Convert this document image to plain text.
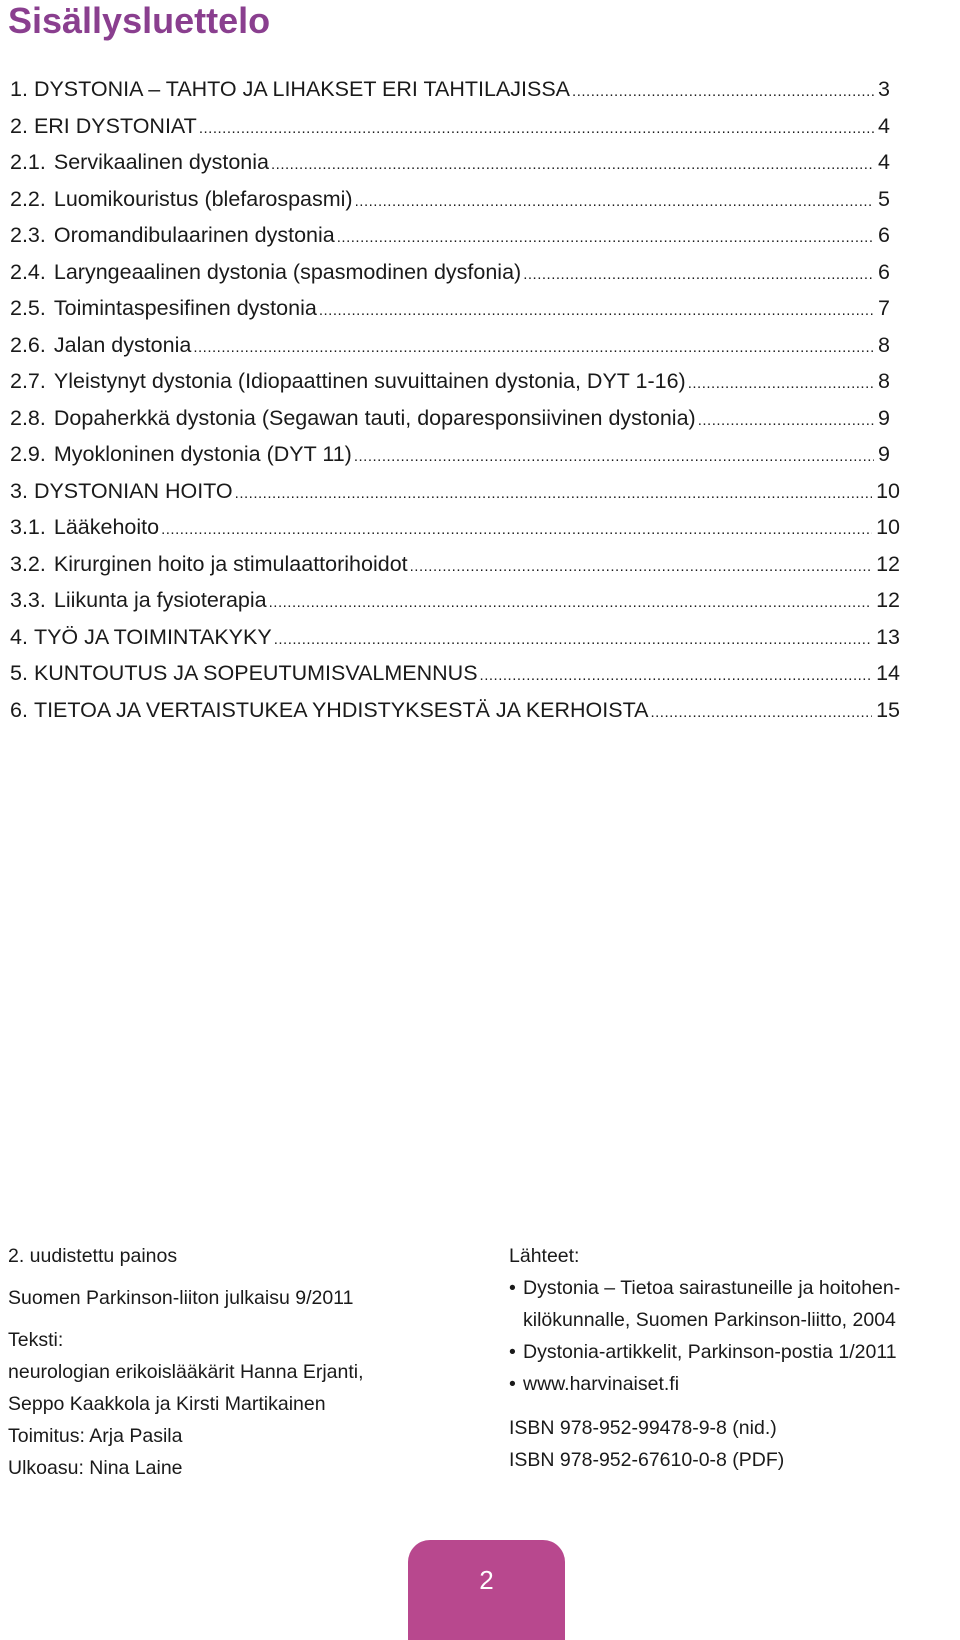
Sisällysluettelo
1. DYSTONIA – TAHTO JA LIHAKSET ERI TAHTILAJISSA .....	3
2. ERI DYSTONIAT .....	4
2.1. Servikaalinen dystonia .....	4
2.2. Luomikouristus (blefarospasmi) .....	5
2.3. Oromandibulaarinen dystonia .....	6
2.4. Laryngeaalinen dystonia (spasmodinen dysfonia) .....	6
2.5. Toimintaspesifinen dystonia .....	7
2.6. Jalan dystonia .....	8
2.7. Yleistynyt dystonia (Idiopaattinen suvuittainen dystonia, DYT 1-16) .....	8
2.8. Dopaherkkä dystonia (Segawan tauti, doparesponsiivinen dystonia) .....	9
2.9. Myokloninen dystonia (DYT 11) .....	9
3. DYSTONIAN HOITO .....	10
3.1. Lääkehoito .....	10
3.2. Kirurginen hoito ja stimulaattorihoidot .....	12
3.3. Liikunta ja fysioterapia .....	12
4. TYÖ JA TOIMINTAKYKY .....	13
5. KUNTOUTUS JA SOPEUTUMISVALMENNUS .....	14
6. TIETOA JA VERTAISTUKEA YHDISTYKSESTÄ JA KERHOISTA .....	15

2. uudistettu painos

Suomen Parkinson-liiton julkaisu 9/2011

Teksti:

neurologian erikoislääkärit Hanna Erjanti,

Seppo Kaakkola ja Kirsti Martikainen

Toimitus: Arja Pasila

Ulkoasu: Nina Laine

Lähteet:

• Dystonia – Tietoa sairastuneille ja hoitohen-
kilökunnalle, Suomen Parkinson-liitto, 2004
• Dystonia-artikkelit, Parkinson-postia 1/2011
• www.harvinaiset.fi

ISBN 978-952-99478-9-8 (nid.)

ISBN 978-952-67610-0-8 (PDF)

2
